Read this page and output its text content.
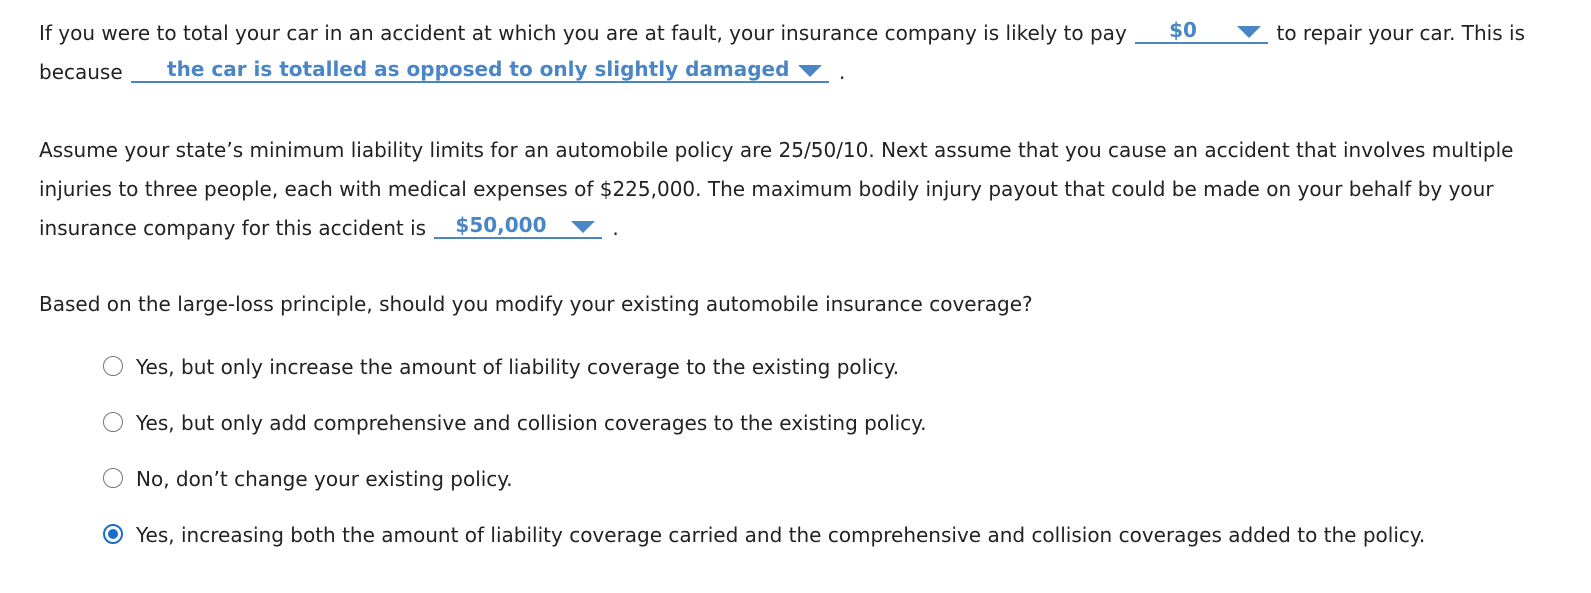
If you were to total your car in an accident at which you are at fault, your insurance company is likely to pay $0	to repair your car. This is
because the car is totalled as opposed to only slightly damaged .

Assume your state’s minimum liability limits for an automobile policy are 25/50/10. Next assume that you cause an accident that involves multiple injuries to three people, each with medical expenses of $225,000. The maximum bodily injury payout that could be made on your behalf by your insurance company for this accident is $50,000	.

Based on the large-loss principle, should you modify your existing automobile insurance coverage?

Yes, but only increase the amount of liability coverage to the existing policy.
Yes, but only add comprehensive and collision coverages to the existing policy.
No, don’t change your existing policy.
Yes, increasing both the amount of liability coverage carried and the comprehensive and collision coverages added to the policy.
